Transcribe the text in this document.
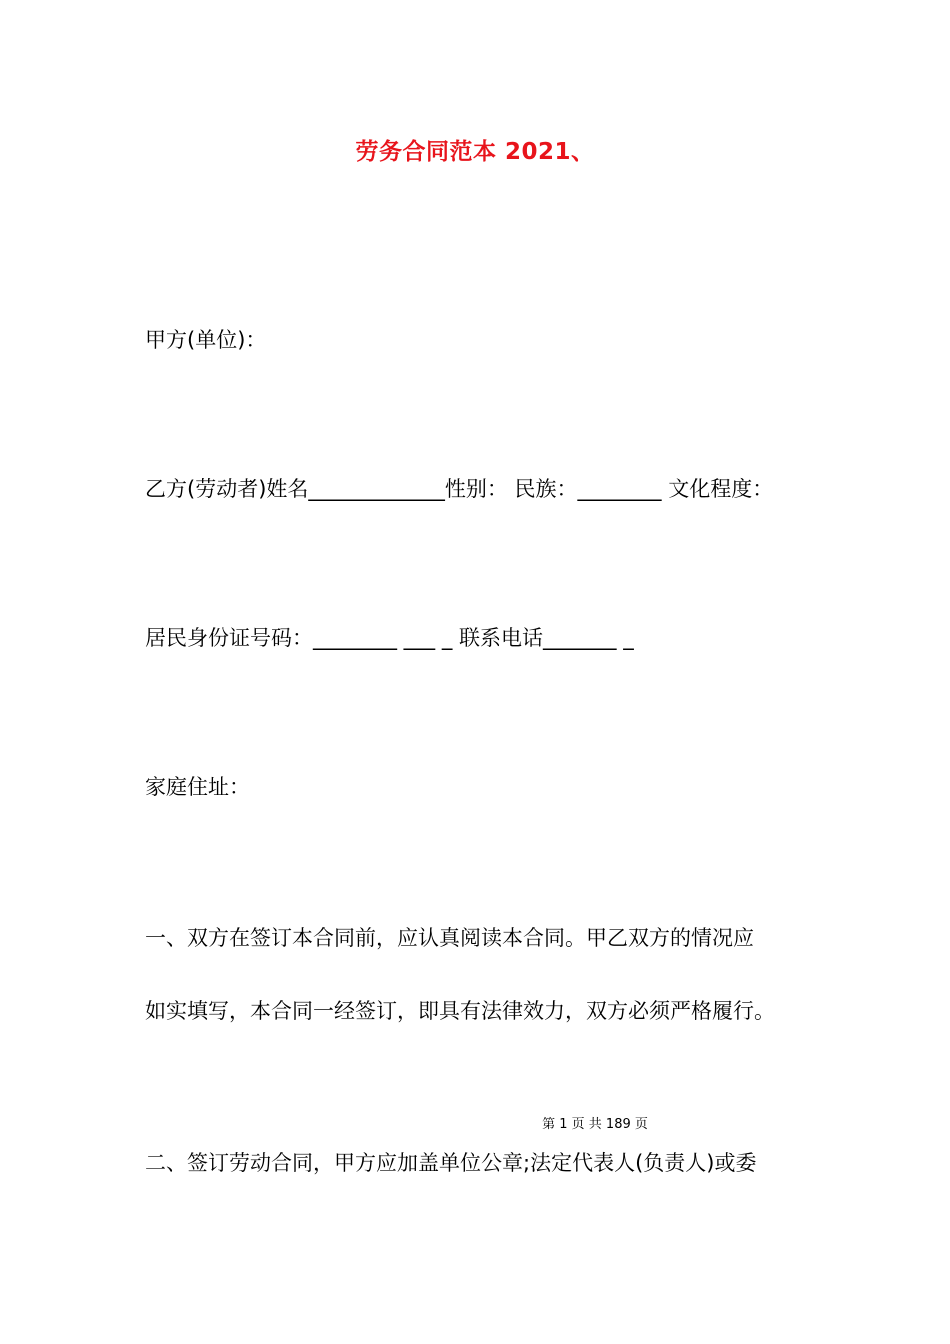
劳务合同范本 2021、
甲方(单位)：
乙方(劳动者)姓名_____________性别： 民族：________ 文化程度：
居民身份证号码：________ ___ _ 联系电话_______ _
家庭住址：
一、双方在签订本合同前，应认真阅读本合同。甲乙双方的情况应
如实填写，本合同一经签订，即具有法律效力，双方必须严格履行。
第 1 页 共 189 页
二、签订劳动合同，甲方应加盖单位公章;法定代表人(负责人)或委
